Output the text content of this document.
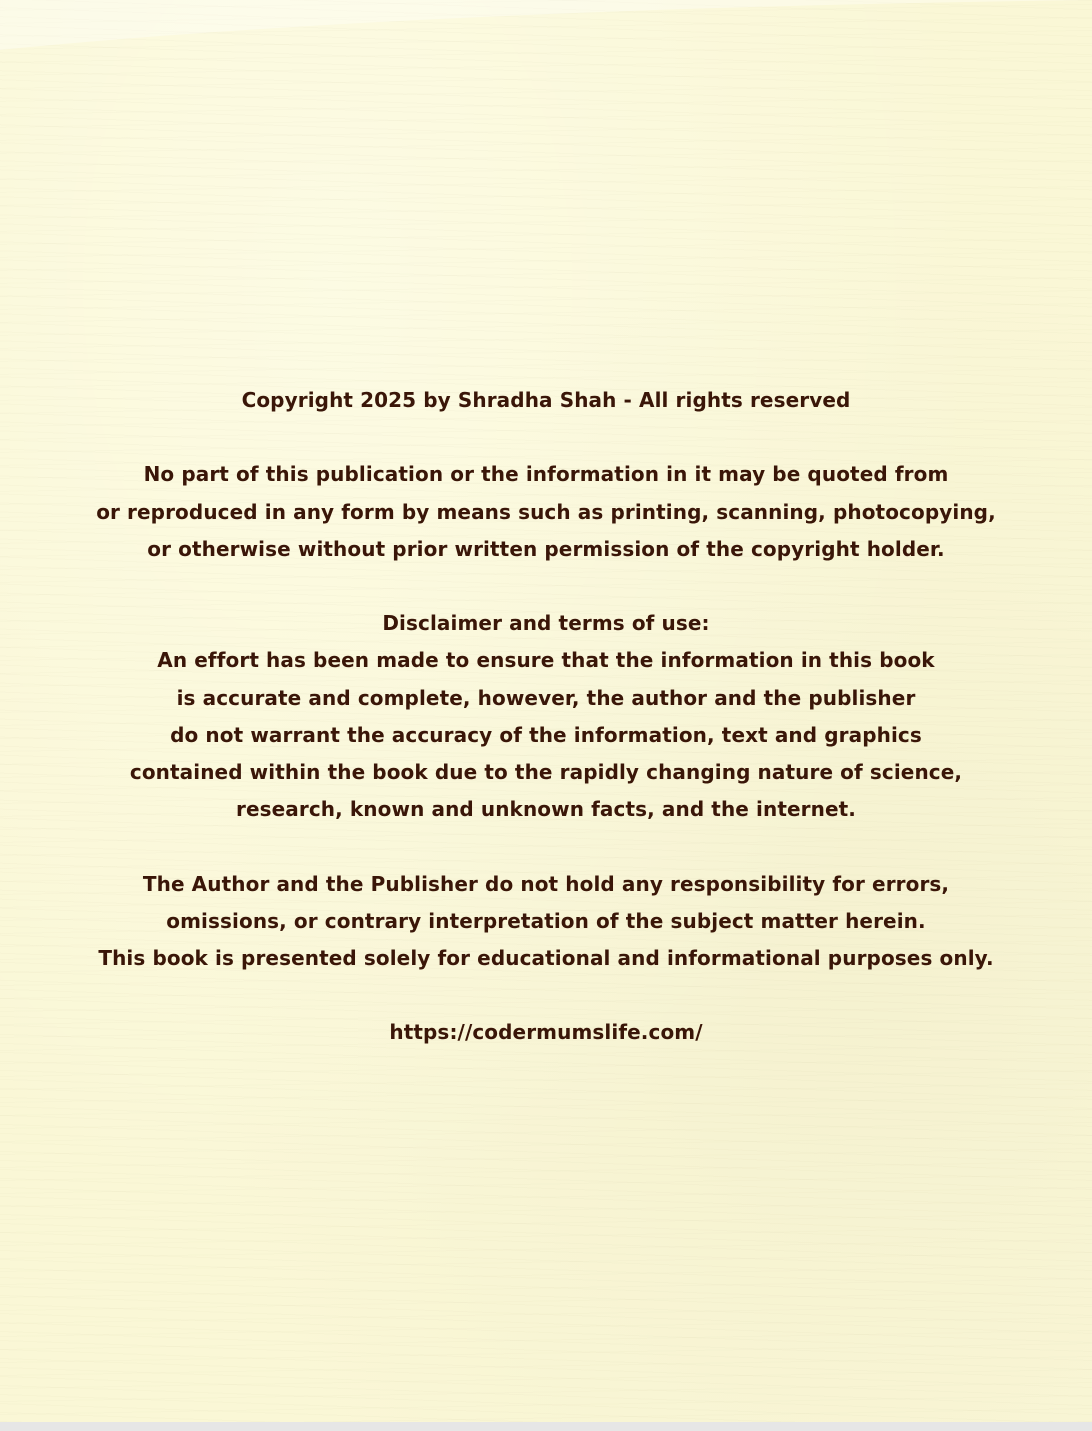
Copyright 2025 by Shradha Shah - All rights reserved

No part of this publication or the information in it may be quoted from
or reproduced in any form by means such as printing, scanning, photocopying,
or otherwise without prior written permission of the copyright holder.

Disclaimer and terms of use:
An effort has been made to ensure that the information in this book
is accurate and complete, however, the author and the publisher
do not warrant the accuracy of the information, text and graphics
contained within the book due to the rapidly changing nature of science,
research, known and unknown facts, and the internet.

The Author and the Publisher do not hold any responsibility for errors,
omissions, or contrary interpretation of the subject matter herein.
This book is presented solely for educational and informational purposes only.

https://codermumslife.com/
